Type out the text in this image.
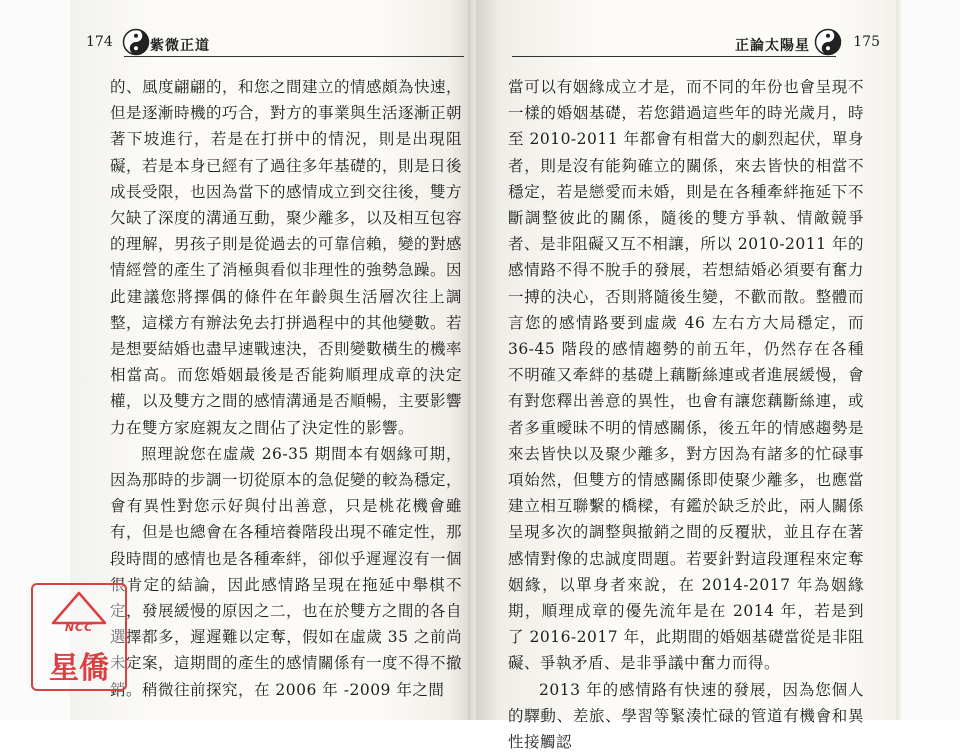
174	紫微正道

的、風度翩翩的，和您之間建立的情感頗為快速，但是逐漸時機的巧合，對方的事業與生活逐漸正朝著下坡進行，若是在打拼中的情況，則是出現阻礙，若是本身已經有了過往多年基礎的，則是日後成長受限，也因為當下的感情成立到交往後，雙方欠缺了深度的溝通互動，聚少離多，以及相互包容的理解，男孩子則是從過去的可靠信賴，變的對感情經營的產生了消極與看似非理性的強勢急躁。因此建議您將擇偶的條件在年齡與生活層次往上調整，這樣方有辦法免去打拼過程中的其他變數。若是想要結婚也盡早速戰速決，否則變數橫生的機率相當高。而您婚姻最後是否能夠順理成章的決定權，以及雙方之間的感情溝通是否順暢，主要影響力在雙方家庭親友之間佔了決定性的影響。

照理說您在虛歲 26-35 期間本有姻緣可期，因為那時的步調一切從原本的急促變的較為穩定，會有異性對您示好與付出善意，只是桃花機會雖有，但是也總會在各種培養階段出現不確定性，那段時間的感情也是各種牽絆，卻似乎遲遲沒有一個很肯定的結論，因此感情路呈現在拖延中舉棋不定，發展緩慢的原因之二，也在於雙方之間的各自選擇都多，遲遲難以定奪，假如在虛歲 35 之前尚未定案，這期間的產生的感情關係有一度不得不撤銷。稍微往前探究，在 2006 年 -2009 年之間

正論太陽星	175

當可以有姻緣成立才是，而不同的年份也會呈現不一樣的婚姻基礎，若您錯過這些年的時光歲月，時至 2010-2011 年都會有相當大的劇烈起伏，單身者，則是沒有能夠確立的關係，來去皆快的相當不穩定，若是戀愛而未婚，則是在各種牽絆拖延下不斷調整彼此的關係，隨後的雙方爭執、情敵競爭者、是非阻礙又互不相讓，所以 2010-2011 年的感情路不得不脫手的發展，若想結婚必須要有奮力一搏的決心，否則將隨後生變，不歡而散。整體而言您的感情路要到虛歲 46 左右方大局穩定，而 36-45 階段的感情趨勢的前五年，仍然存在各種不明確又牽絆的基礎上藕斷絲連或者進展緩慢，會有對您釋出善意的異性，也會有讓您藕斷絲連，或者多重曖昧不明的情感關係，後五年的情感趨勢是來去皆快以及聚少離多，對方因為有諸多的忙碌事項始然，但雙方的情感關係即使聚少離多，也應當建立相互聯繫的橋樑，有鑑於缺乏於此，兩人關係呈現多次的調整與撤銷之間的反覆狀，並且存在著感情對像的忠誠度問題。若要針對這段運程來定奪姻緣，以單身者來說，在 2014-2017 年為姻緣期，順理成章的優先流年是在 2014 年，若是到了 2016-2017 年，此期間的婚姻基礎當從是非阻礙、爭執矛盾、是非爭議中奮力而得。

2013 年的感情路有快速的發展，因為您個人的驛動、差旅、學習等緊湊忙碌的管道有機會和異性接觸認

NCC
星僑
